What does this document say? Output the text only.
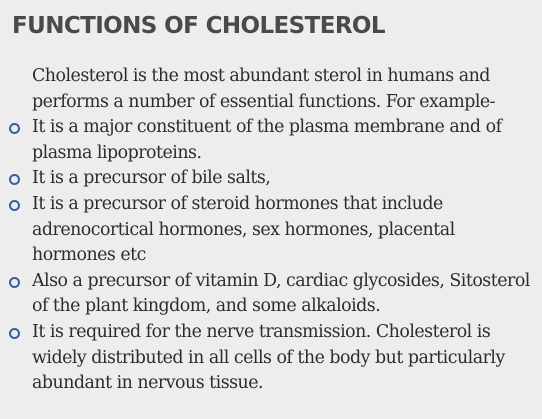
FUNCTIONS OF CHOLESTEROL

Cholesterol is the most abundant sterol in humans and performs a number of essential functions. For example-

It is a major constituent of the plasma membrane and of plasma lipoproteins.
It is a precursor of bile salts,
It is a precursor of steroid hormones that include adrenocortical hormones, sex hormones, placental hormones etc
Also a precursor of vitamin D, cardiac glycosides, Sitosterol of the plant kingdom, and some alkaloids.
It is required for the nerve transmission. Cholesterol is widely distributed in all cells of the body but particularly abundant in nervous tissue.
